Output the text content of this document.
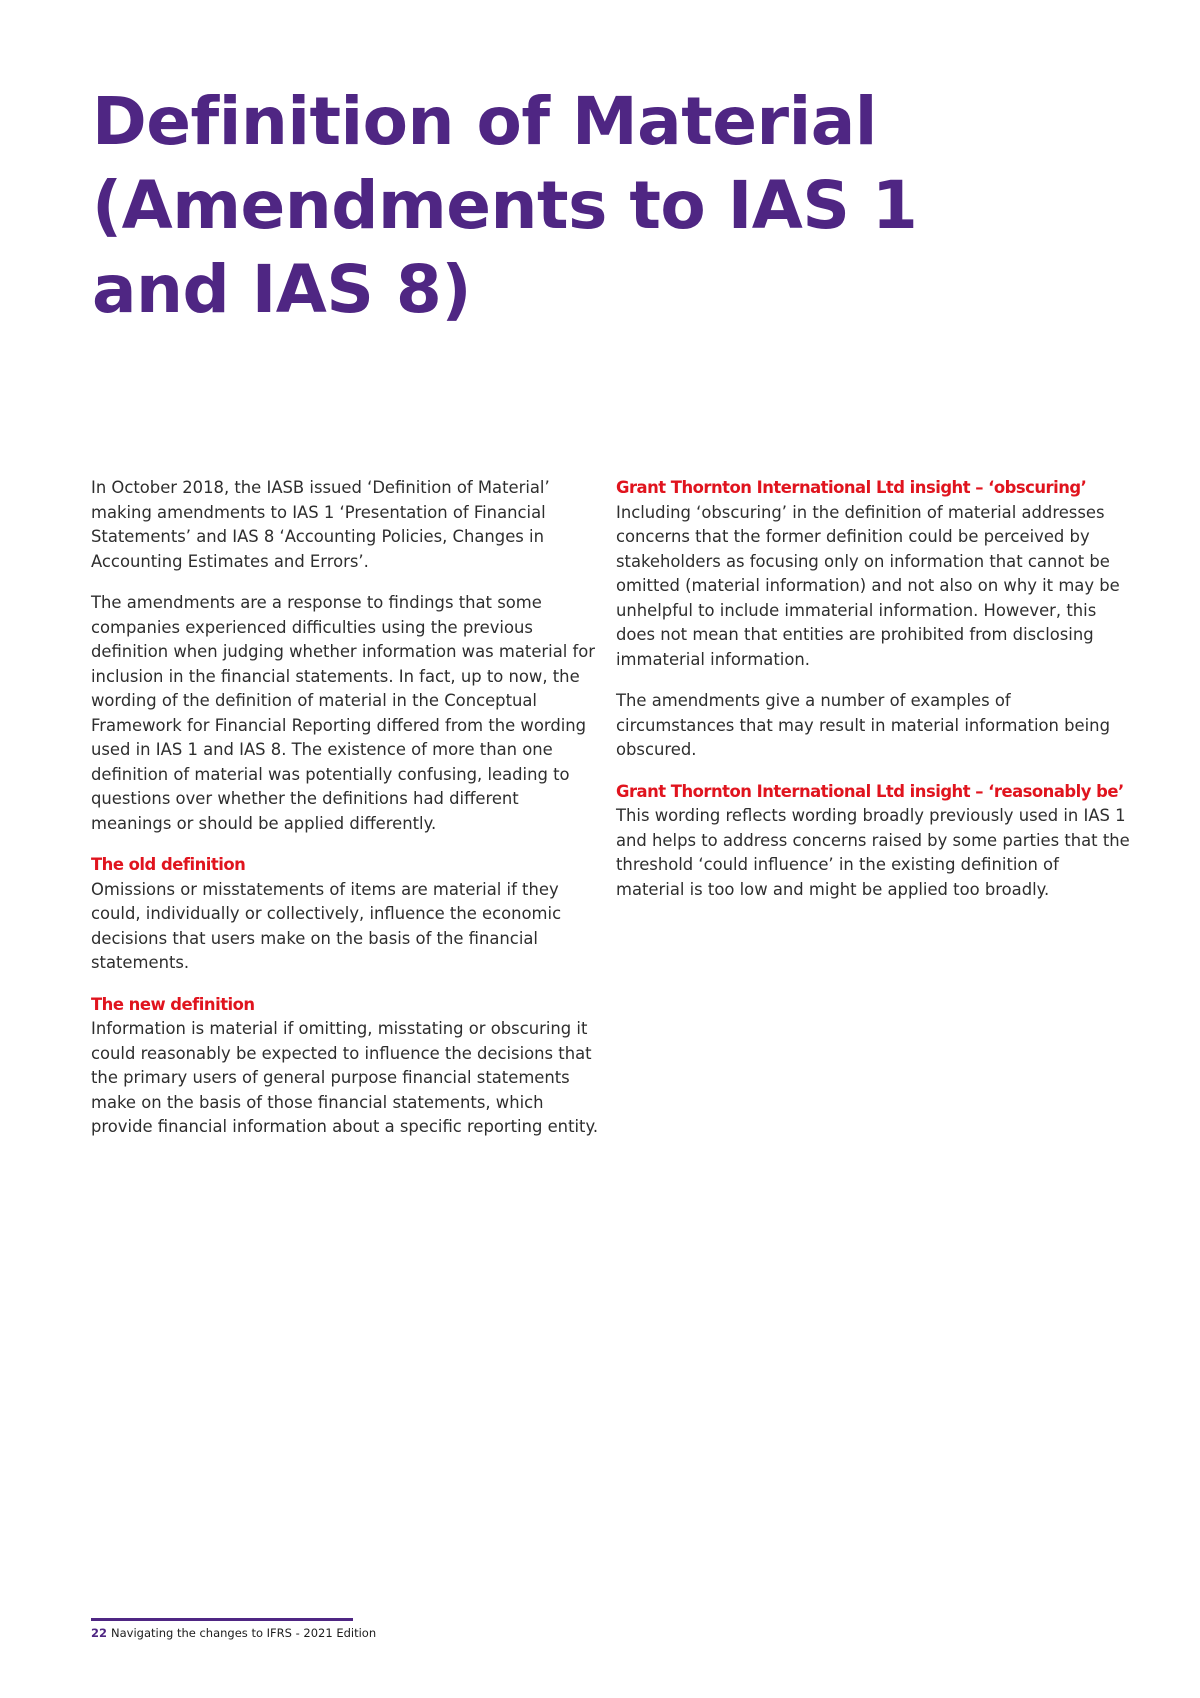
Definition of Material
(Amendments to IAS 1
and IAS 8)

In October 2018, the IASB issued ‘Definition of Material’ making amendments to IAS 1 ‘Presentation of Financial Statements’ and IAS 8 ‘Accounting Policies, Changes in Accounting Estimates and Errors’.

The amendments are a response to findings that some companies experienced difficulties using the previous definition when judging whether information was material for inclusion in the financial statements. In fact, up to now, the wording of the definition of material in the Conceptual Framework for Financial Reporting differed from the wording used in IAS 1 and IAS 8. The existence of more than one definition of material was potentially confusing, leading to questions over whether the definitions had different meanings or should be applied differently.

The old definition

Omissions or misstatements of items are material if they could, individually or collectively, influence the economic decisions that users make on the basis of the financial statements.

The new definition

Information is material if omitting, misstating or obscuring it could reasonably be expected to influence the decisions that the primary users of general purpose financial statements make on the basis of those financial statements, which provide financial information about a specific reporting entity.

Grant Thornton International Ltd insight – ‘obscuring’

Including ‘obscuring’ in the definition of material addresses concerns that the former definition could be perceived by stakeholders as focusing only on information that cannot be omitted (material information) and not also on why it may be unhelpful to include immaterial information. However, this does not mean that entities are prohibited from disclosing immaterial information.

The amendments give a number of examples of circumstances that may result in material information being obscured.

Grant Thornton International Ltd insight – ‘reasonably be’

This wording reflects wording broadly previously used in IAS 1 and helps to address concerns raised by some parties that the threshold ‘could influence’ in the existing definition of material is too low and might be applied too broadly.

22 Navigating the changes to IFRS - 2021 Edition
